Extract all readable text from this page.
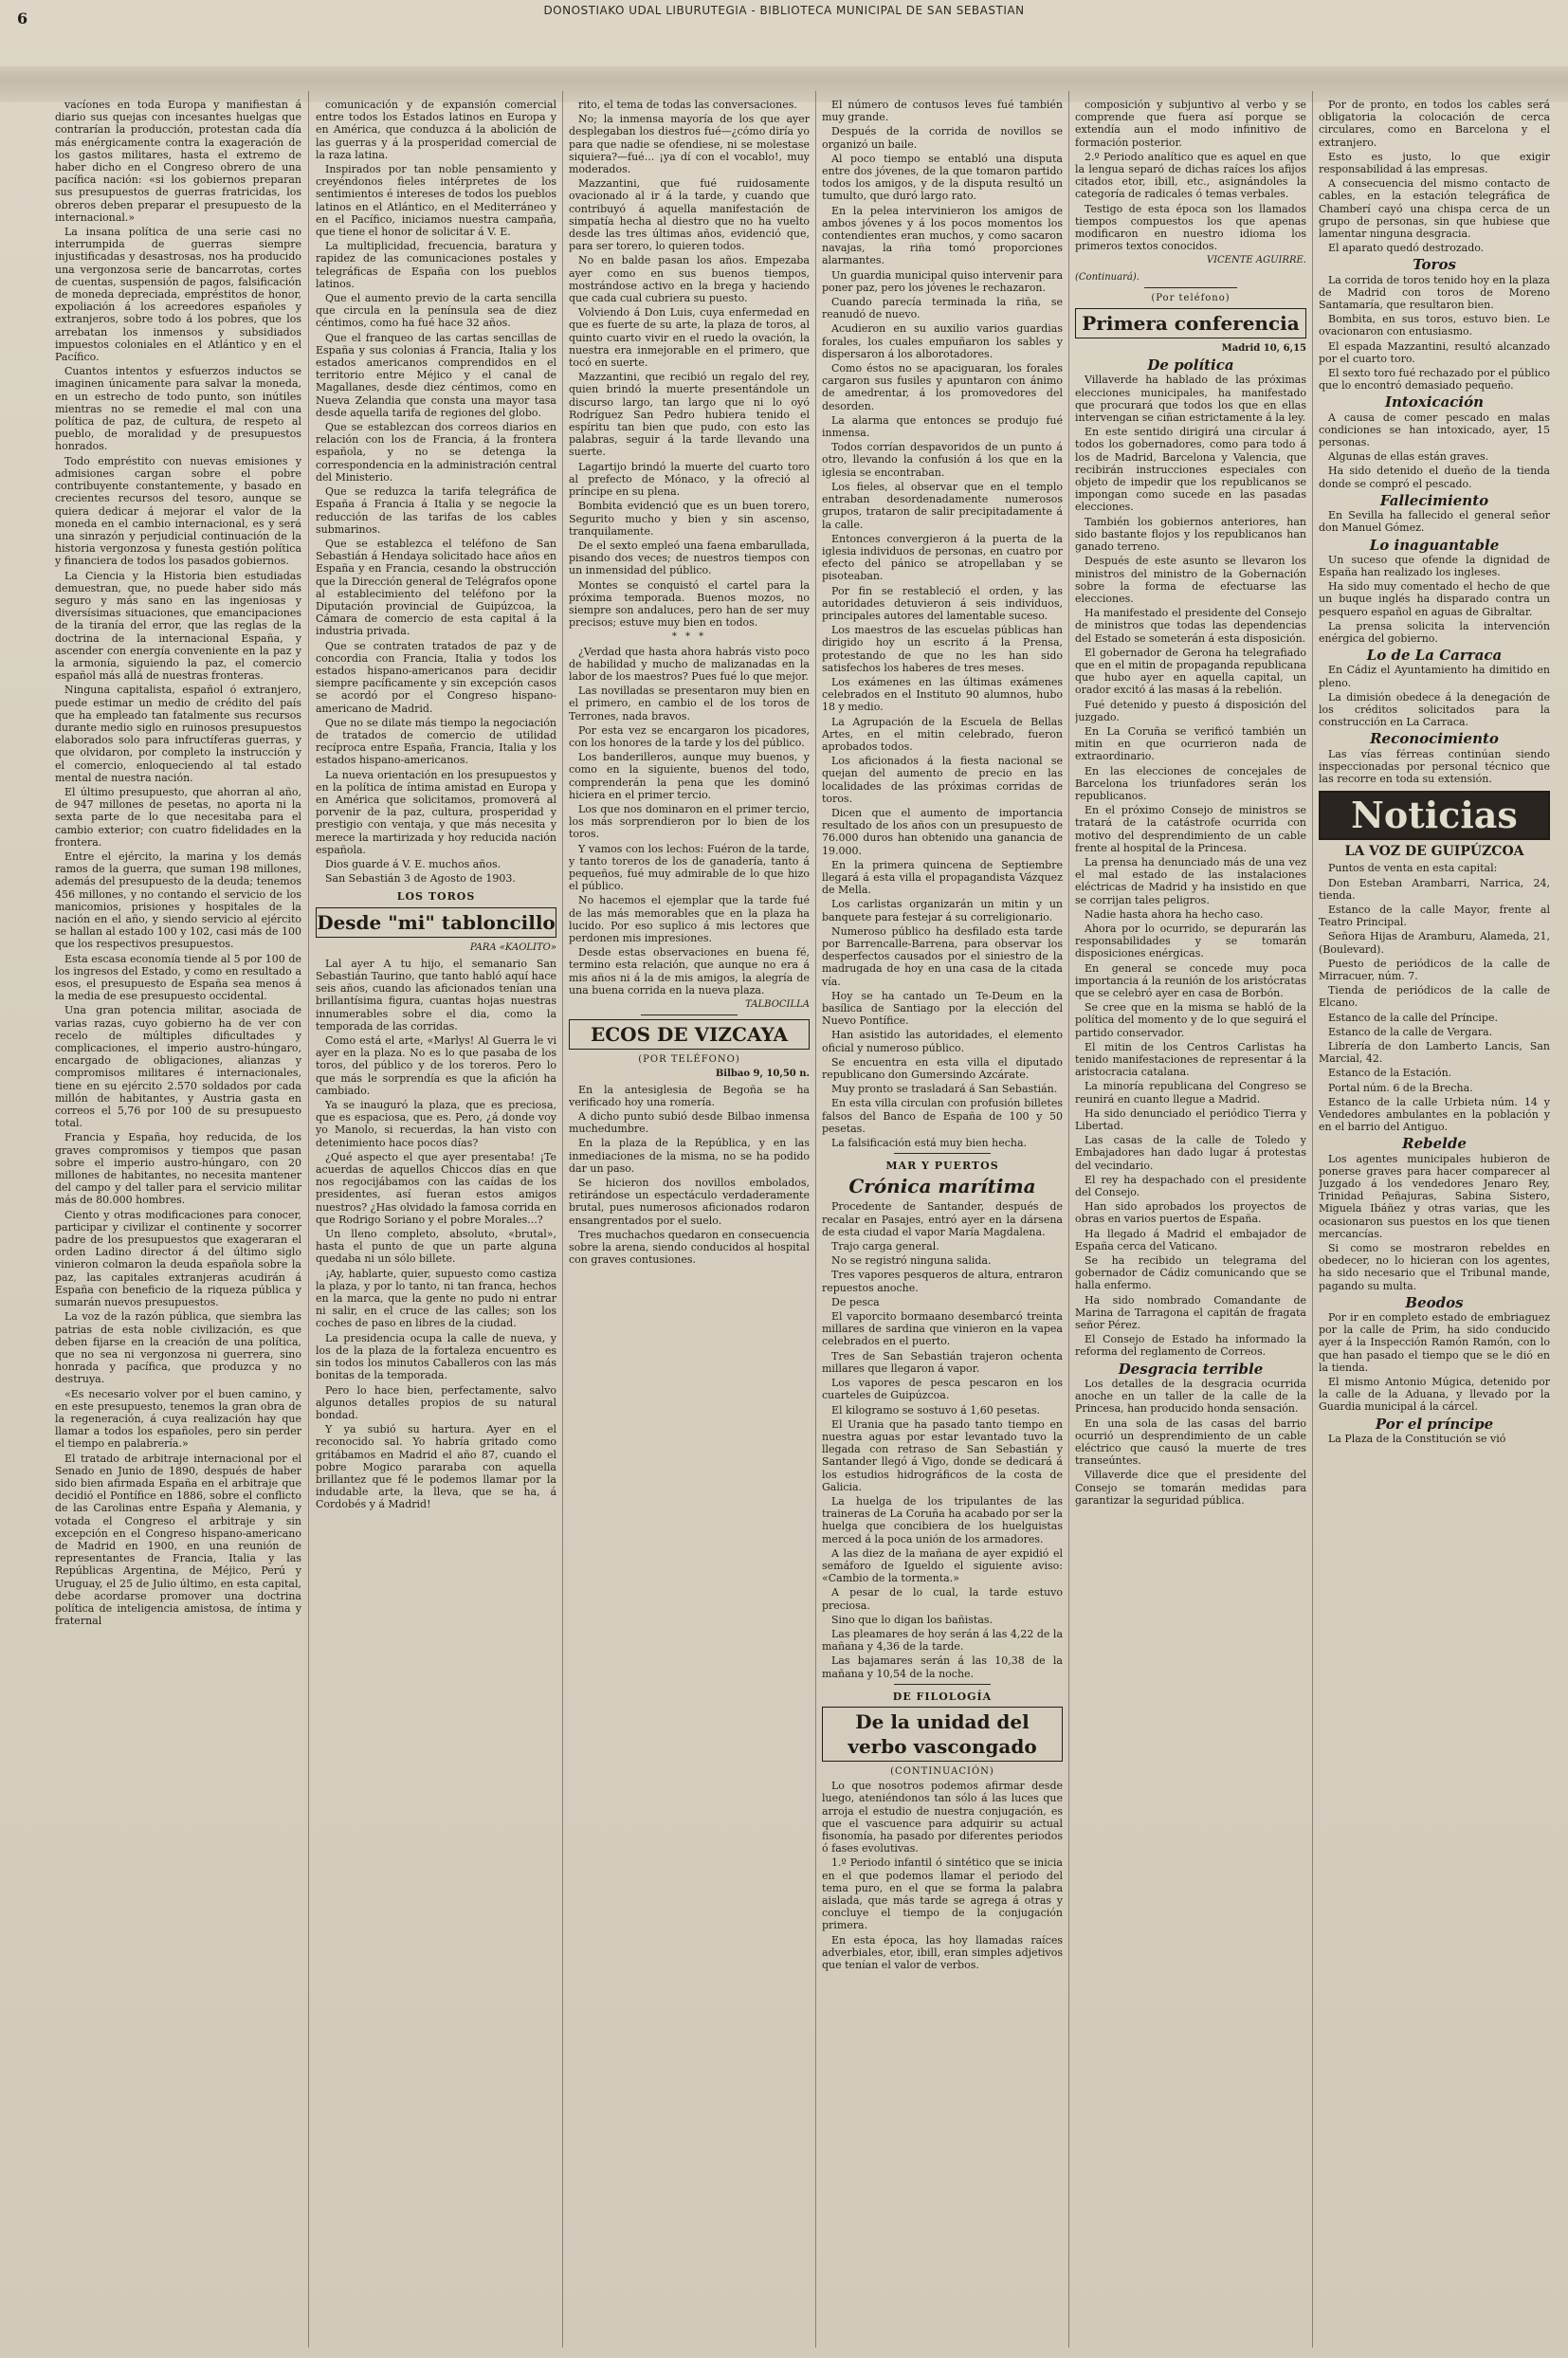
DONOSTIAKO UDAL LIBURUTEGIA - BIBLIOTECA MUNICIPAL DE SAN SEBASTIAN
6

vacíones en toda Europa y manifiestan á diario sus quejas con incesantes huelgas que contrarían la producción, protestan cada día más enérgicamente contra la exageración de los gastos militares, hasta el extremo de haber dicho en el Congreso obrero de una pacífica nación: «si los gobiernos preparan sus presupuestos de guerras fratricidas, los obreros deben preparar el presupuesto de la internacional.»

La insana política de una serie casi no interrumpida de guerras siempre injustificadas y desastrosas, nos ha producido una vergonzosa serie de bancarrotas, cortes de cuentas, suspensión de pagos, falsificación de moneda depreciada, empréstitos de honor, expoliación á los acreedores españoles y extranjeros, sobre todo á los pobres, que los arrebatan los inmensos y subsidiados impuestos coloniales en el Atlántico y en el Pacífico.

Cuantos intentos y esfuerzos inductos se imaginen únicamente para salvar la moneda, en un estrecho de todo punto, son inútiles mientras no se remedie el mal con una política de paz, de cultura, de respeto al pueblo, de moralidad y de presupuestos honrados.

Todo empréstito con nuevas emisiones y admisiones cargan sobre el pobre contribuyente constantemente, y basado en crecientes recursos del tesoro, aunque se quiera dedicar á mejorar el valor de la moneda en el cambio internacional, es y será una sinrazón y perjudicial continuación de la historia vergonzosa y funesta gestión política y financiera de todos los pasados gobiernos.

La Ciencia y la Historia bien estudiadas demuestran, que, no puede haber sido más seguro y más sano en las ingeniosas y diversísimas situaciones, que emancipaciones de la tiranía del error, que las reglas de la doctrina de la internacional España, y ascender con energía conveniente en la paz y la armonía, siguiendo la paz, el comercio español más allá de nuestras fronteras.

Ninguna capitalista, español ó extranjero, puede estimar un medio de crédito del país que ha empleado tan fatalmente sus recursos durante medio siglo en ruinosos presupuestos elaborados solo para infructíferas guerras, y que olvidaron, por completo la instrucción y el comercio, enloqueciendo al tal estado mental de nuestra nación.

El último presupuesto, que ahorran al año, de 947 millones de pesetas, no aporta ni la sexta parte de lo que necesitaba para el cambio exterior; con cuatro fidelidades en la frontera.

Entre el ejército, la marina y los demás ramos de la guerra, que suman 198 millones, además del presupuesto de la deuda; tenemos 456 millones, y no contando el servicio de los manicomios, prisiones y hospitales de la nación en el año, y siendo servicio al ejército se hallan al estado 100 y 102, casi más de 100 que los respectivos presupuestos.

Esta escasa economía tiende al 5 por 100 de los ingresos del Estado, y como en resultado a esos, el presupuesto de España sea menos á la media de ese presupuesto occidental.

Una gran potencia militar, asociada de varias razas, cuyo gobierno ha de ver con recelo de múltiples dificultades y complicaciones, el imperio austro-húngaro, encargado de obligaciones, alianzas y compromisos militares é internacionales, tiene en su ejército 2.570 soldados por cada millón de habitantes, y Austria gasta en correos el 5,76 por 100 de su presupuesto total.

Francia y España, hoy reducida, de los graves compromisos y tiempos que pasan sobre el imperio austro-húngaro, con 20 millones de habitantes, no necesita mantener del campo y del taller para el servicio militar más de 80.000 hombres.

Ciento y otras modificaciones para conocer, participar y civilizar el continente y socorrer padre de los presupuestos que exageraran el orden Ladino director á del último siglo vinieron colmaron la deuda española sobre la paz, las capitales extranjeras acudirán á España con beneficio de la riqueza pública y sumarán nuevos presupuestos.

La voz de la razón pública, que siembra las patrias de esta noble civilización, es que deben fijarse en la creación de una política, que no sea ni vergonzosa ni guerrera, sino honrada y pacífica, que produzca y no destruya.

«Es necesario volver por el buen camino, y en este presupuesto, tenemos la gran obra de la regeneración, á cuya realización hay que llamar a todos los españoles, pero sin perder el tiempo en palabrería.»

El tratado de arbitraje internacional por el Senado en Junio de 1890, después de haber sido bien afirmada España en el arbitraje que decidió el Pontífice en 1886, sobre el conflicto de las Carolinas entre España y Alemania, y votada el Congreso el arbitraje y sin excepción en el Congreso hispano-americano de Madrid en 1900, en una reunión de representantes de Francia, Italia y las Repúblicas Argentina, de Méjico, Perú y Uruguay, el 25 de Julio último, en esta capital, debe acordarse promover una doctrina política de inteligencia amistosa, de íntima y fraternal

comunicación y de expansión comercial entre todos los Estados latinos en Europa y en América, que conduzca á la abolición de las guerras y á la prosperidad comercial de la raza latina.

Inspirados por tan noble pensamiento y creyéndonos fieles intérpretes de los sentimientos é intereses de todos los pueblos latinos en el Atlántico, en el Mediterráneo y en el Pacífico, iniciamos nuestra campaña, que tiene el honor de solicitar á V. E.

La multiplicidad, frecuencia, baratura y rapidez de las comunicaciones postales y telegráficas de España con los pueblos latinos.

Que el aumento previo de la carta sencilla que circula en la península sea de diez céntimos, como ha fué hace 32 años.

Que el franqueo de las cartas sencillas de España y sus colonias á Francia, Italia y los estados americanos comprendidos en el territorio entre Méjico y el canal de Magallanes, desde diez céntimos, como en Nueva Zelandia que consta una mayor tasa desde aquella tarifa de regiones del globo.

Que se establezcan dos correos diarios en relación con los de Francia, á la frontera española, y no se detenga la correspondencia en la administración central del Ministerio.

Que se reduzca la tarifa telegráfica de España á Francia á Italia y se negocie la reducción de las tarifas de los cables submarinos.

Que se establezca el teléfono de San Sebastián á Hendaya solicitado hace años en España y en Francia, cesando la obstrucción que la Dirección general de Telégrafos opone al establecimiento del teléfono por la Diputación provincial de Guipúzcoa, la Cámara de comercio de esta capital á la industria privada.

Que se contraten tratados de paz y de concordia con Francia, Italia y todos los estados hispano-americanos para decidir siempre pacíficamente y sin excepción casos se acordó por el Congreso hispano-americano de Madrid.

Que no se dilate más tiempo la negociación de tratados de comercio de utilidad recíproca entre España, Francia, Italia y los estados hispano-americanos.

La nueva orientación en los presupuestos y en la política de íntima amistad en Europa y en América que solicitamos, promoverá al porvenir de la paz, cultura, prosperidad y prestigio con ventaja, y que más necesita y merece la martirizada y hoy reducida nación española.

Dios guarde á V. E. muchos años.

San Sebastián 3 de Agosto de 1903.

LOS TOROS
Desde "mi" tabloncillo
PARA «KAOLITO»

Lal ayer A tu hijo, el semanario San Sebastián Taurino, que tanto habló aquí hace seis años, cuando las aficionados tenían una brillantísima figura, cuantas hojas nuestras innumerables sobre el dia, como la temporada de las corridas.

Como está el arte, «Marlys! Al Guerra le vi ayer en la plaza. No es lo que pasaba de los toros, del público y de los toreros. Pero lo que más le sorprendía es que la afición ha cambiado.

Ya se inauguró la plaza, que es preciosa, que es espaciosa, que es. Pero, ¿á donde voy yo Manolo, si recuerdas, la han visto con detenimiento hace pocos días?

¿Qué aspecto el que ayer presentaba! ¡Te acuerdas de aquellos Chiccos días en que nos regocijábamos con las caídas de los presidentes, así fueran estos amigos nuestros? ¿Has olvidado la famosa corrida en que Rodrigo Soriano y el pobre Morales...?

Un lleno completo, absoluto, «brutal», hasta el punto de que un parte alguna quedaba ni un sólo billete.

¡Ay, hablarte, quier, supuesto como castiza la plaza, y por lo tanto, ni tan franca, hechos en la marca, que la gente no pudo ni entrar ni salir, en el cruce de las calles; son los coches de paso en libres de la ciudad.

La presidencia ocupa la calle de nueva, y los de la plaza de la fortaleza encuentro es sin todos los minutos Caballeros con las más bonitas de la temporada.

Pero lo hace bien, perfectamente, salvo algunos detalles propios de su natural bondad.

Y ya subió su hartura. Ayer en el reconocido sal. Yo habría gritado como gritábamos en Madrid el año 87, cuando el pobre Mogico pararaba con aquella brillantez que fé le podemos llamar por la indudable arte, la lleva, que se ha, á Cordobés y á Madrid!

rito, el tema de todas las conversaciones.

No; la inmensa mayoría de los que ayer desplegaban los diestros fué—¿cómo diría yo para que nadie se ofendiese, ni se molestase siquiera?—fué... ¡ya dí con el vocablo!, muy moderados.

Mazzantini, que fué ruidosamente ovacionado al ir á la tarde, y cuando que contribuyó á aquella manifestación de simpatía hecha al diestro que no ha vuelto desde las tres últimas años, evidenció que, para ser torero, lo quieren todos.

No en balde pasan los años. Empezaba ayer como en sus buenos tiempos, mostrándose activo en la brega y haciendo que cada cual cubriera su puesto.

Volviendo á Don Luis, cuya enfermedad en que es fuerte de su arte, la plaza de toros, al quinto cuarto vivir en el ruedo la ovación, la nuestra era inmejorable en el primero, que tocó en suerte.

Mazzantini, que recibió un regalo del rey, quien brindó la muerte presentándole un discurso largo, tan largo que ni lo oyó Rodríguez San Pedro hubiera tenido el espíritu tan bien que pudo, con esto las palabras, seguir á la tarde llevando una suerte.

Lagartijo brindó la muerte del cuarto toro al prefecto de Mónaco, y la ofreció al príncipe en su plena.

Bombita evidenció que es un buen torero, Segurito mucho y bien y sin ascenso, tranquilamente.

De el sexto empleó una faena embarullada, pisando dos veces; de nuestros tiempos con un inmensidad del público.

Montes se conquistó el cartel para la próxima temporada. Buenos mozos, no siempre son andaluces, pero han de ser muy precisos; estuve muy bien en todos.

* * *

¿Verdad que hasta ahora habrás visto poco de habilidad y mucho de malizanadas en la labor de los maestros? Pues fué lo que mejor.

Las novilladas se presentaron muy bien en el primero, en cambio el de los toros de Terrones, nada bravos.

Por esta vez se encargaron los picadores, con los honores de la tarde y los del público.

Los banderilleros, aunque muy buenos, y como en la siguiente, buenos del todo, comprenderán la pena que les dominó hiciera en el primer tercio.

Los que nos dominaron en el primer tercio, los más sorprendieron por lo bien de los toros.

Y vamos con los lechos: Fuéron de la tarde, y tanto toreros de los de ganadería, tanto á pequeños, fué muy admirable de lo que hizo el público.

No hacemos el ejemplar que la tarde fué de las más memorables que en la plaza ha lucido. Por eso suplico á mis lectores que perdonen mis impresiones.

Desde estas observaciones en buena fé, termino esta relación, que aunque no era á mis años ni á la de mis amigos, la alegría de una buena corrida en la nueva plaza.

TALBOCILLA
ECOS DE VIZCAYA
(POR TELÉFONO)
Bilbao 9, 10,50 n.

En la antesiglesia de Begoña se ha verificado hoy una romería.

A dicho punto subió desde Bilbao inmensa muchedumbre.

En la plaza de la República, y en las inmediaciones de la misma, no se ha podido dar un paso.

Se hicieron dos novillos embolados, retirándose un espectáculo verdaderamente brutal, pues numerosos aficionados rodaron ensangrentados por el suelo.

Tres muchachos quedaron en consecuencia sobre la arena, siendo conducidos al hospital con graves contusiones.

El número de contusos leves fué también muy grande.

Después de la corrida de novillos se organizó un baile.

Al poco tiempo se entabló una disputa entre dos jóvenes, de la que tomaron partido todos los amigos, y de la disputa resultó un tumulto, que duró largo rato.

En la pelea intervinieron los amigos de ambos jóvenes y á los pocos momentos los contendientes eran muchos, y como sacaron navajas, la riña tomó proporciones alarmantes.

Un guardia municipal quiso intervenir para poner paz, pero los jóvenes le rechazaron.

Cuando parecía terminada la riña, se reanudó de nuevo.

Acudieron en su auxilio varios guardias forales, los cuales empuñaron los sables y dispersaron á los alborotadores.

Como éstos no se apaciguaran, los forales cargaron sus fusiles y apuntaron con ánimo de amedrentar, á los promovedores del desorden.

La alarma que entonces se produjo fué inmensa.

Todos corrían despavoridos de un punto á otro, llevando la confusión á los que en la iglesia se encontraban.

Los fieles, al observar que en el templo entraban desordenadamente numerosos grupos, trataron de salir precipitadamente á la calle.

Entonces convergieron á la puerta de la iglesia individuos de personas, en cuatro por efecto del pánico se atropellaban y se pisoteaban.

Por fin se restableció el orden, y las autoridades detuvieron á seis individuos, principales autores del lamentable suceso.

Los maestros de las escuelas públicas han dirigido hoy un escrito á la Prensa, protestando de que no les han sido satisfechos los haberes de tres meses.

Los exámenes en las últimas exámenes celebrados en el Instituto 90 alumnos, hubo 18 y medio.

La Agrupación de la Escuela de Bellas Artes, en el mitin celebrado, fueron aprobados todos.

Los aficionados á la fiesta nacional se quejan del aumento de precio en las localidades de las próximas corridas de toros.

Dicen que el aumento de importancia resultado de los años con un presupuesto de 76.000 duros han obtenido una ganancia de 19.000.

En la primera quincena de Septiembre llegará á esta villa el propagandista Vázquez de Mella.

Los carlistas organizarán un mitin y un banquete para festejar á su correligionario.

Numeroso público ha desfilado esta tarde por Barrencalle-Barrena, para observar los desperfectos causados por el siniestro de la madrugada de hoy en una casa de la citada vía.

Hoy se ha cantado un Te-Deum en la basílica de Santiago por la elección del Nuevo Pontífice.

Han asistido las autoridades, el elemento oficial y numeroso público.

Se encuentra en esta villa el diputado republicano don Gumersindo Azcárate.

Muy pronto se trasladará á San Sebastián.

En esta villa circulan con profusión billetes falsos del Banco de España de 100 y 50 pesetas.

La falsificación está muy bien hecha.

MAR Y PUERTOS
Crónica marítima

Procedente de Santander, después de recalar en Pasajes, entró ayer en la dársena de esta ciudad el vapor María Magdalena.

Trajo carga general.

No se registró ninguna salida.

Tres vapores pesqueros de altura, entraron repuestos anoche.

De pesca

El vaporcito bormaano desembarcó treinta millares de sardina que vinieron en la vapea celebrados en el puerto.

Tres de San Sebastián trajeron ochenta millares que llegaron á vapor.

Los vapores de pesca pescaron en los cuarteles de Guipúzcoa.

El kilogramo se sostuvo á 1,60 pesetas.

El Urania que ha pasado tanto tiempo en nuestra aguas por estar levantado tuvo la llegada con retraso de San Sebastián y Santander llegó á Vigo, donde se dedicará á los estudios hidrográficos de la costa de Galicia.

La huelga de los tripulantes de las traineras de La Coruña ha acabado por ser la huelga que concibiera de los huelguistas merced á la poca unión de los armadores.

A las diez de la mañana de ayer expidió el semáforo de Igueldo el siguiente aviso: «Cambio de la tormenta.»

A pesar de lo cual, la tarde estuvo preciosa.

Sino que lo digan los bañistas.

Las pleamares de hoy serán á las 4,22 de la mañana y 4,36 de la tarde.

Las bajamares serán á las 10,38 de la mañana y 10,54 de la noche.

DE FILOLOGÍA
De la unidad del verbo vascongado
(CONTINUACIÓN)

Lo que nosotros podemos afirmar desde luego, ateniéndonos tan sólo á las luces que arroja el estudio de nuestra conjugación, es que el vascuence para adquirir su actual fisonomía, ha pasado por diferentes periodos ó fases evolutivas.

1.º Periodo infantil ó sintético que se inicia en el que podemos llamar el periodo del tema puro, en el que se forma la palabra aislada, que más tarde se agrega á otras y concluye el tiempo de la conjugación primera.

En esta época, las hoy llamadas raíces adverbiales, etor, ibill, eran simples adjetivos que tenían el valor de verbos.

composición y subjuntivo al verbo y se comprende que fuera así porque se extendía aun el modo infinitivo de formación posterior.

2.º Periodo analítico que es aquel en que la lengua separó de dichas raíces los afijos citados etor, ibill, etc., asignándoles la categoría de radicales ó temas verbales.

Testigo de esta época son los llamados tiempos compuestos los que apenas modificaron en nuestro idioma los primeros textos conocidos.

VICENTE AGUIRRE.
(Continuará).
(Por teléfono)
Primera conferencia
Madrid 10, 6,15
De política

Villaverde ha hablado de las próximas elecciones municipales, ha manifestado que procurará que todos los que en ellas intervengan se ciñan estrictamente á la ley.

En este sentido dirigirá una circular á todos los gobernadores, como para todo á los de Madrid, Barcelona y Valencia, que recibirán instrucciones especiales con objeto de impedir que los republicanos se impongan como sucede en las pasadas elecciones.

También los gobiernos anteriores, han sido bastante flojos y los republicanos han ganado terreno.

Después de este asunto se llevaron los ministros del ministro de la Gobernación sobre la forma de efectuarse las elecciones.

Ha manifestado el presidente del Consejo de ministros que todas las dependencias del Estado se someterán á esta disposición.

El gobernador de Gerona ha telegrafiado que en el mitin de propaganda republicana que hubo ayer en aquella capital, un orador excitó á las masas á la rebelión.

Fué detenido y puesto á disposición del juzgado.

En La Coruña se verificó también un mitin en que ocurrieron nada de extraordinario.

En las elecciones de concejales de Barcelona los triunfadores serán los republicanos.

En el próximo Consejo de ministros se tratará de la catástrofe ocurrida con motivo del desprendimiento de un cable frente al hospital de la Princesa.

La prensa ha denunciado más de una vez el mal estado de las instalaciones eléctricas de Madrid y ha insistido en que se corrijan tales peligros.

Nadie hasta ahora ha hecho caso.

Ahora por lo ocurrido, se depurarán las responsabilidades y se tomarán disposiciones enérgicas.

En general se concede muy poca importancia á la reunión de los aristócratas que se celebró ayer en casa de Borbón.

Se cree que en la misma se habló de la política del momento y de lo que seguirá el partido conservador.

El mitin de los Centros Carlistas ha tenido manifestaciones de representar á la aristocracia catalana.

La minoría republicana del Congreso se reunirá en cuanto llegue a Madrid.

Ha sido denunciado el periódico Tierra y Libertad.

Las casas de la calle de Toledo y Embajadores han dado lugar á protestas del vecindario.

El rey ha despachado con el presidente del Consejo.

Han sido aprobados los proyectos de obras en varios puertos de España.

Ha llegado á Madrid el embajador de España cerca del Vaticano.

Se ha recibido un telegrama del gobernador de Cádiz comunicando que se halla enfermo.

Ha sido nombrado Comandante de Marina de Tarragona el capitán de fragata señor Pérez.

El Consejo de Estado ha informado la reforma del reglamento de Correos.

Desgracia terrible

Los detalles de la desgracia ocurrida anoche en un taller de la calle de la Princesa, han producido honda sensación.

En una sola de las casas del barrio ocurrió un desprendimiento de un cable eléctrico que causó la muerte de tres transeúntes.

Villaverde dice que el presidente del Consejo se tomarán medidas para garantizar la seguridad pública.

Por de pronto, en todos los cables será obligatoria la colocación de cerca circulares, como en Barcelona y el extranjero.

Esto es justo, lo que exigir responsabilidad á las empresas.

A consecuencia del mismo contacto de cables, en la estación telegráfica de Chamberí cayó una chispa cerca de un grupo de personas, sin que hubiese que lamentar ninguna desgracia.

El aparato quedó destrozado.

Toros

La corrida de toros tenido hoy en la plaza de Madrid con toros de Moreno Santamaría, que resultaron bien.

Bombita, en sus toros, estuvo bien. Le ovacionaron con entusiasmo.

El espada Mazzantini, resultó alcanzado por el cuarto toro.

El sexto toro fué rechazado por el público que lo encontró demasiado pequeño.

Intoxicación

A causa de comer pescado en malas condiciones se han intoxicado, ayer, 15 personas.

Algunas de ellas están graves.

Ha sido detenido el dueño de la tienda donde se compró el pescado.

Fallecimiento

En Sevilla ha fallecido el general señor don Manuel Gómez.

Lo inaguantable

Un suceso que ofende la dignidad de España han realizado los ingleses.

Ha sido muy comentado el hecho de que un buque inglés ha disparado contra un pesquero español en aguas de Gibraltar.

La prensa solicita la intervención enérgica del gobierno.

Lo de La Carraca

En Cádiz el Ayuntamiento ha dimitido en pleno.

La dimisión obedece á la denegación de los créditos solicitados para la construcción en La Carraca.

Reconocimiento

Las vías férreas continúan siendo inspeccionadas por personal técnico que las recorre en toda su extensión.

Noticias
LA VOZ DE GUIPÚZCOA

Puntos de venta en esta capital:

Don Esteban Arambarri, Narrica, 24, tienda.

Estanco de la calle Mayor, frente al Teatro Principal.

Señora Hijas de Aramburu, Alameda, 21, (Boulevard).

Puesto de periódicos de la calle de Mirracuer, núm. 7.

Tienda de periódicos de la calle de Elcano.

Estanco de la calle del Príncipe.

Estanco de la calle de Vergara.

Librería de don Lamberto Lancis, San Marcial, 42.

Estanco de la Estación.

Portal núm. 6 de la Brecha.

Estanco de la calle Urbieta núm. 14 y Vendedores ambulantes en la población y en el barrio del Antiguo.

Rebelde

Los agentes municipales hubieron de ponerse graves para hacer comparecer al Juzgado á los vendedores Jenaro Rey, Trinidad Peñajuras, Sabina Sistero, Miguela Ibáñez y otras varias, que les ocasionaron sus puestos en los que tienen mercancías.

Si como se mostraron rebeldes en obedecer, no lo hicieran con los agentes, ha sido necesario que el Tribunal mande, pagando su multa.

Beodos

Por ir en completo estado de embriaguez por la calle de Prim, ha sido conducido ayer á la Inspección Ramón Ramón, con lo que han pasado el tiempo que se le dió en la tienda.

El mismo Antonio Múgica, detenido por la calle de la Aduana, y llevado por la Guardia municipal á la cárcel.

Por el príncipe

La Plaza de la Constitución se vió
